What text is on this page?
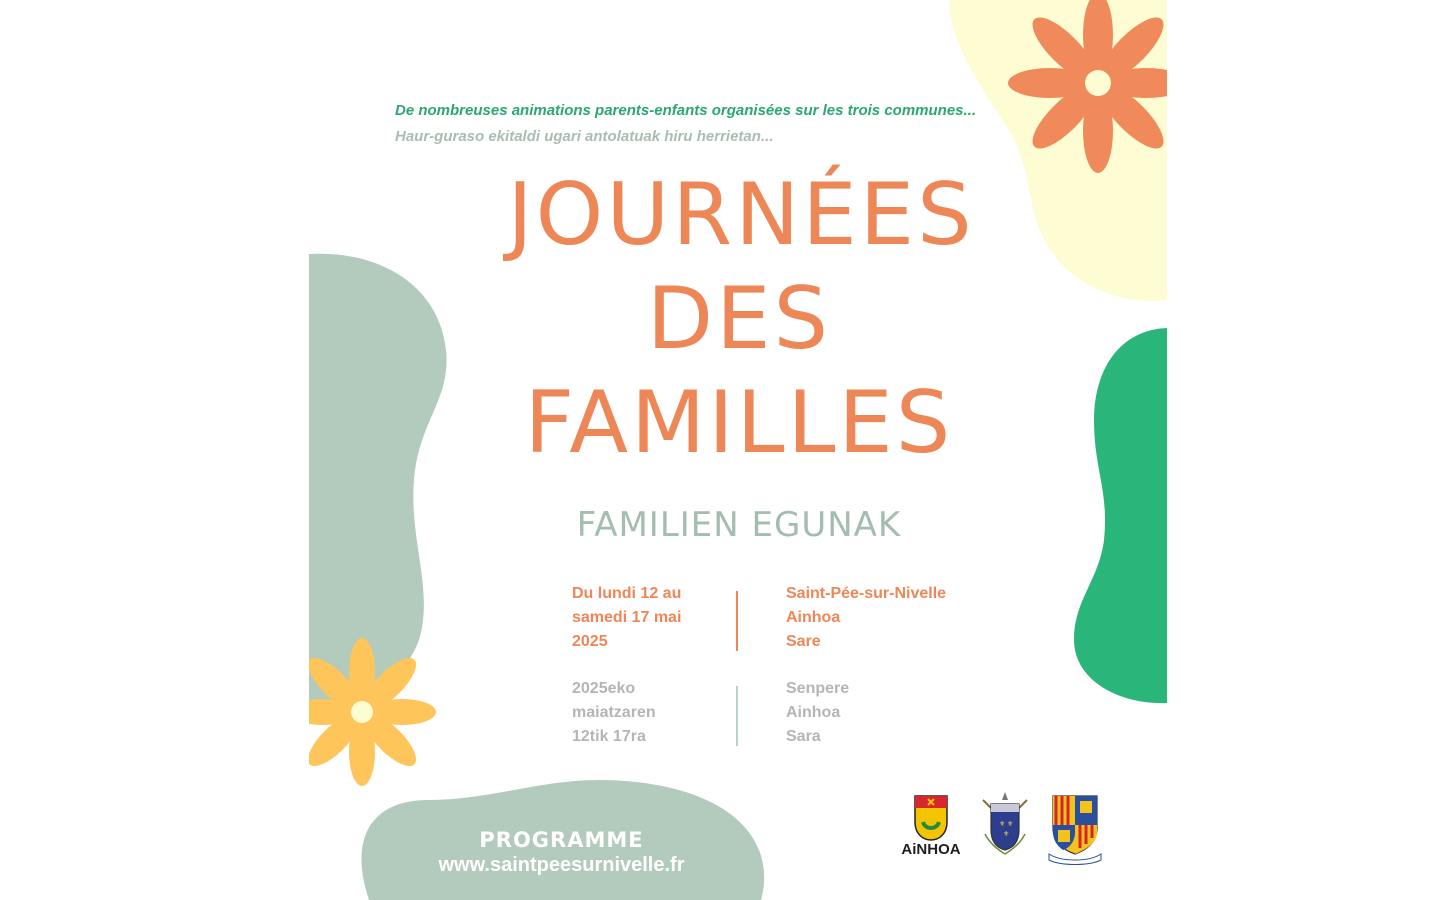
De nombreuses animations parents-enfants organisées sur les trois communes...

Haur-guraso ekitaldi ugari antolatuak hiru herrietan...

JOURNÉES
DES
FAMILLES
FAMILIEN EGUNAK
Du lundi 12 au
samedi 17 mai
2025
Saint-Pée-sur-Nivelle
Ainhoa
Sare
2025eko
maiatzaren
12tik 17ra
Senpere
Ainhoa
Sara

PROGRAMME

www.saintpeesurnivelle.fr

AiNHOA
⚜ ⚜
⚜
